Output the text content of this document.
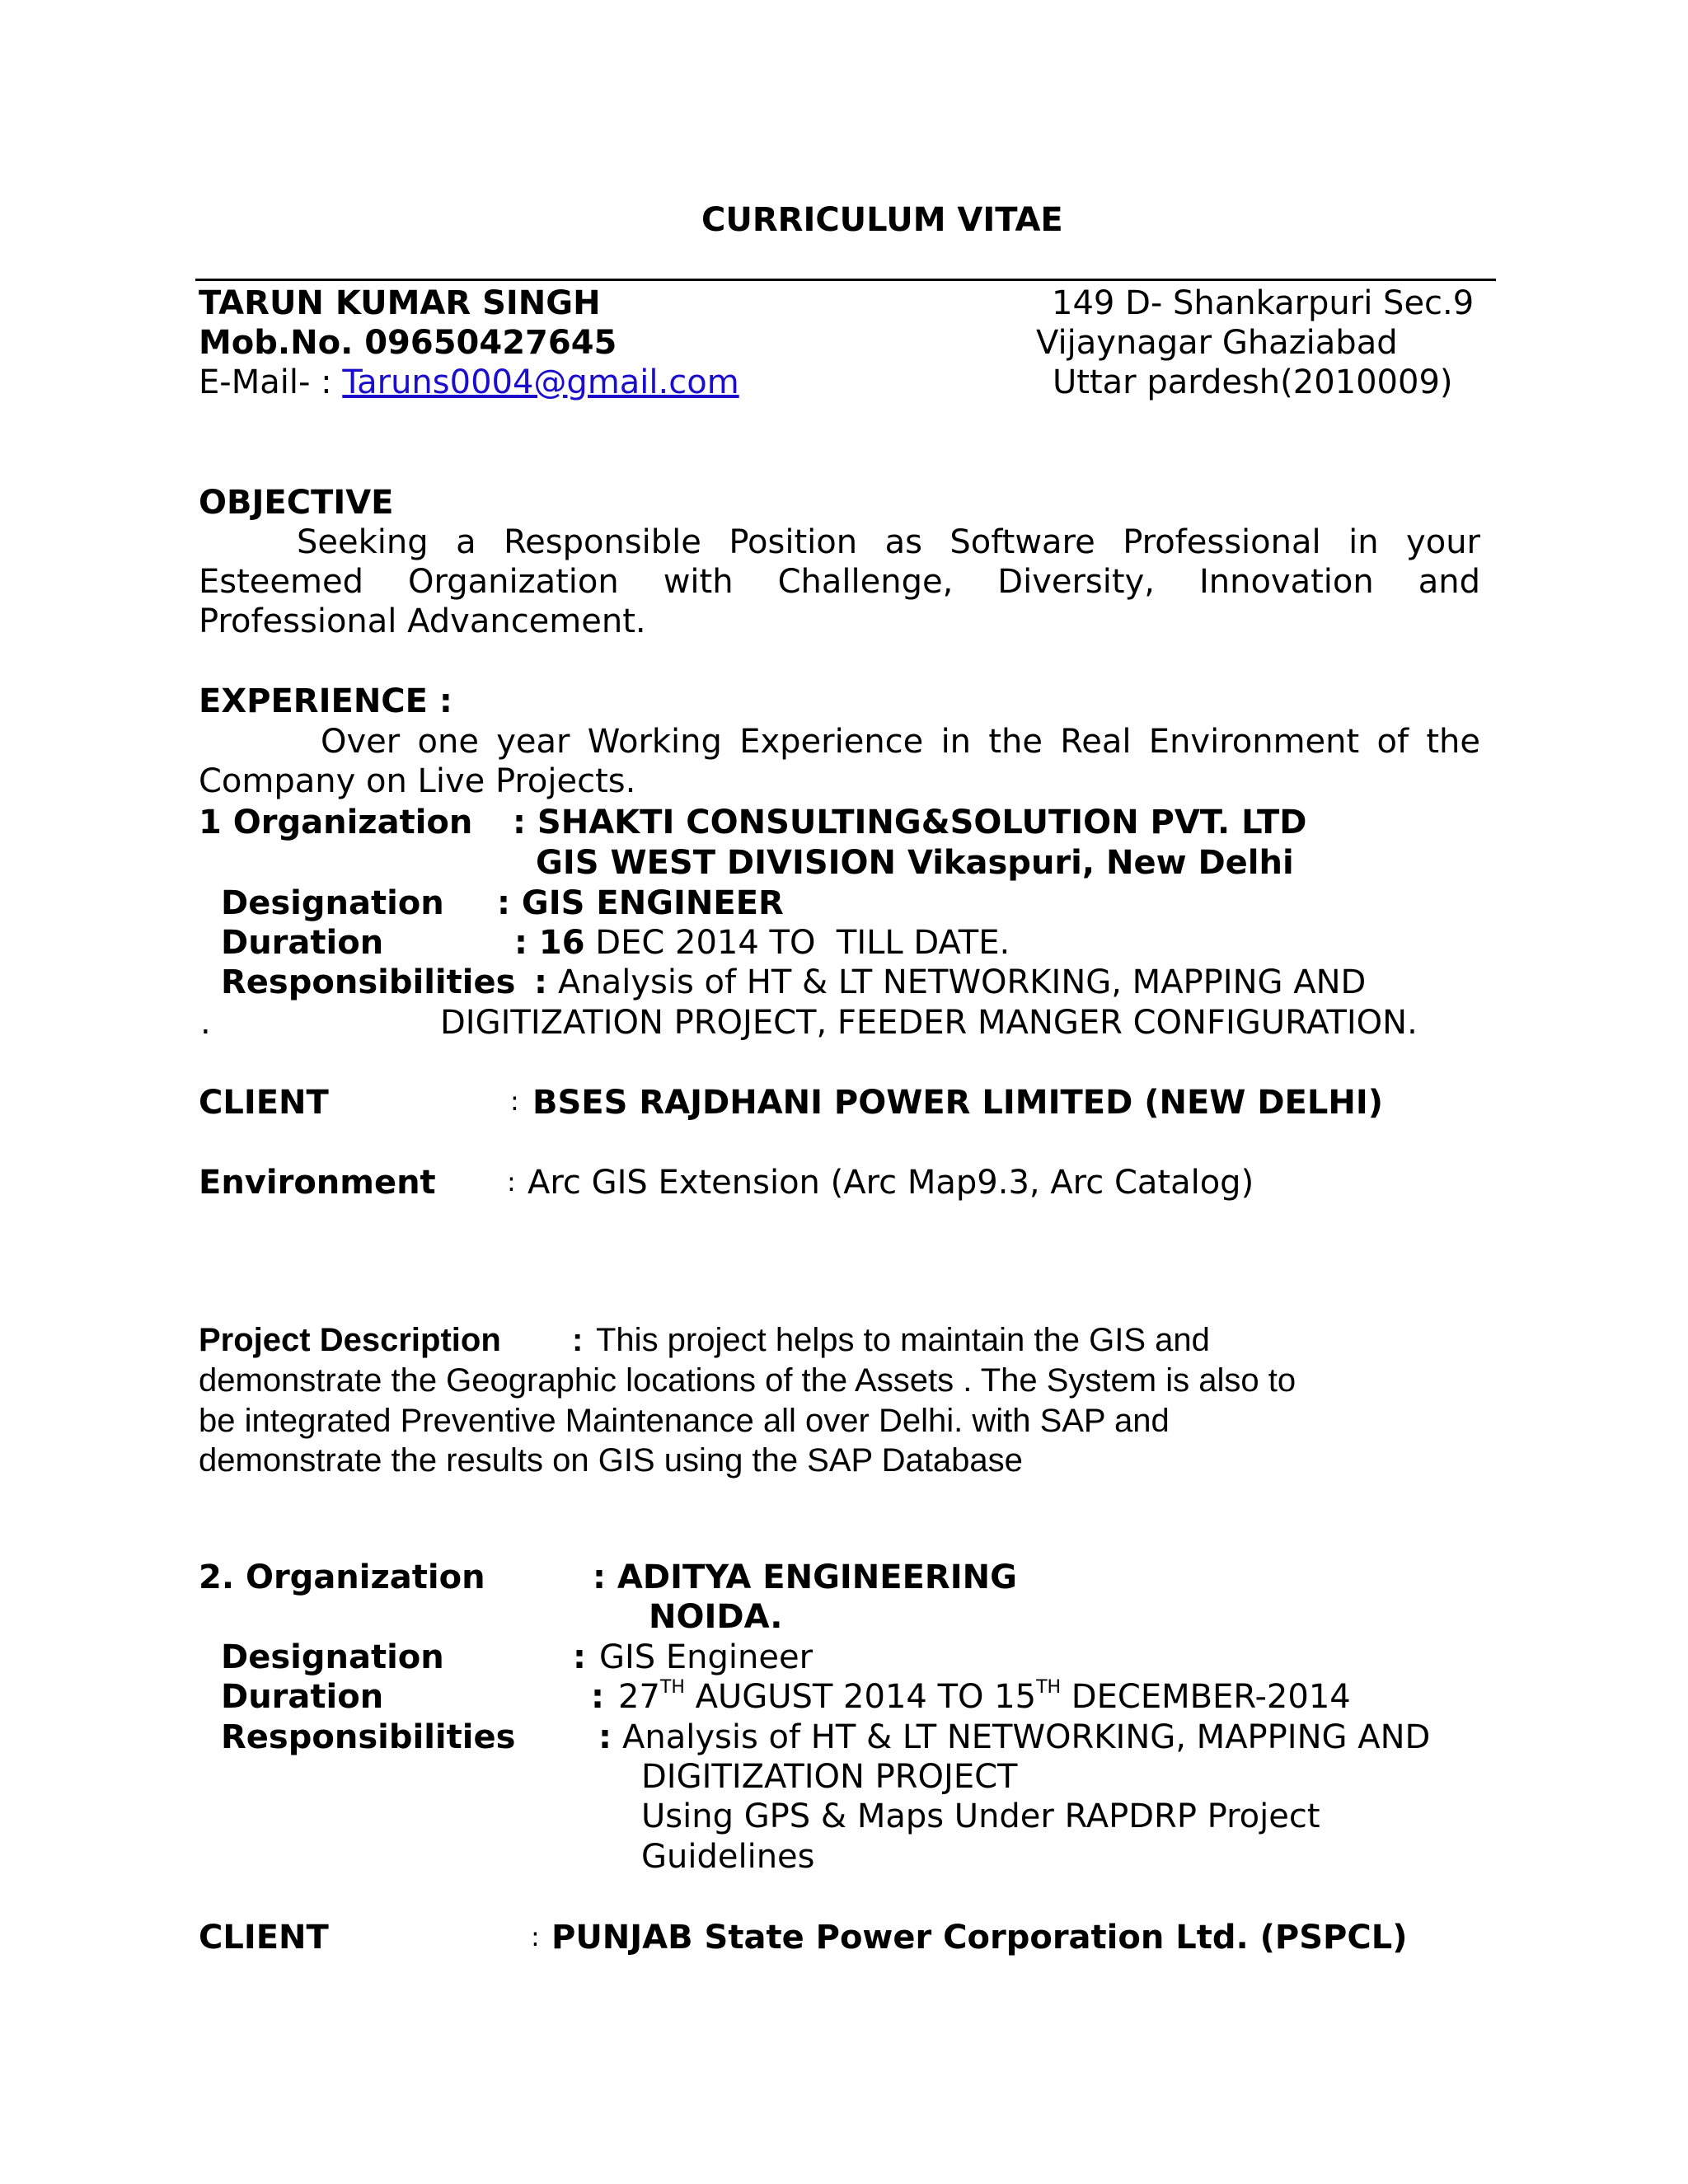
CURRICULUM VITAE
TARUN KUMAR SINGH
Mob.No. 09650427645
E-Mail- : Taruns0004@gmail.com
149 D- Shankarpuri Sec.9
Vijaynagar Ghaziabad
Uttar pardesh(2010009)
OBJECTIVE
Seeking a Responsible Position as Software Professional in your
Esteemed Organization with Challenge, Diversity, Innovation and
Professional Advancement.
EXPERIENCE :
Over one year Working Experience in the Real Environment of the
Company on Live Projects.
1 Organization : SHAKTI CONSULTING&SOLUTION PVT. LTD
GIS WEST DIVISION Vikaspuri, New Delhi
Designation : GIS ENGINEER
Duration	: 16 DEC 2014 TO  TILL DATE.
Responsibilities : Analysis of HT & LT NETWORKING, MAPPING AND
.	DIGITIZATION PROJECT, FEEDER MANGER CONFIGURATION.
CLIENT	: BSES RAJDHANI POWER LIMITED (NEW DELHI)
Environment	: Arc GIS Extension (Arc Map9.3, Arc Catalog)
Project Description : This project helps to maintain the GIS and
demonstrate the Geographic locations of the Assets . The System is also to
be integrated Preventive Maintenance all over Delhi. with SAP and
demonstrate the results on GIS using the SAP Database
2. Organization	: ADITYA ENGINEERING
NOIDA.
Designation	: GIS Engineer
Duration	: 27TH AUGUST 2014 TO 15TH DECEMBER-2014
Responsibilities	: Analysis of HT & LT NETWORKING, MAPPING AND
DIGITIZATION PROJECT
Using GPS & Maps Under RAPDRP Project
Guidelines
CLIENT	: PUNJAB State Power Corporation Ltd. (PSPCL)
